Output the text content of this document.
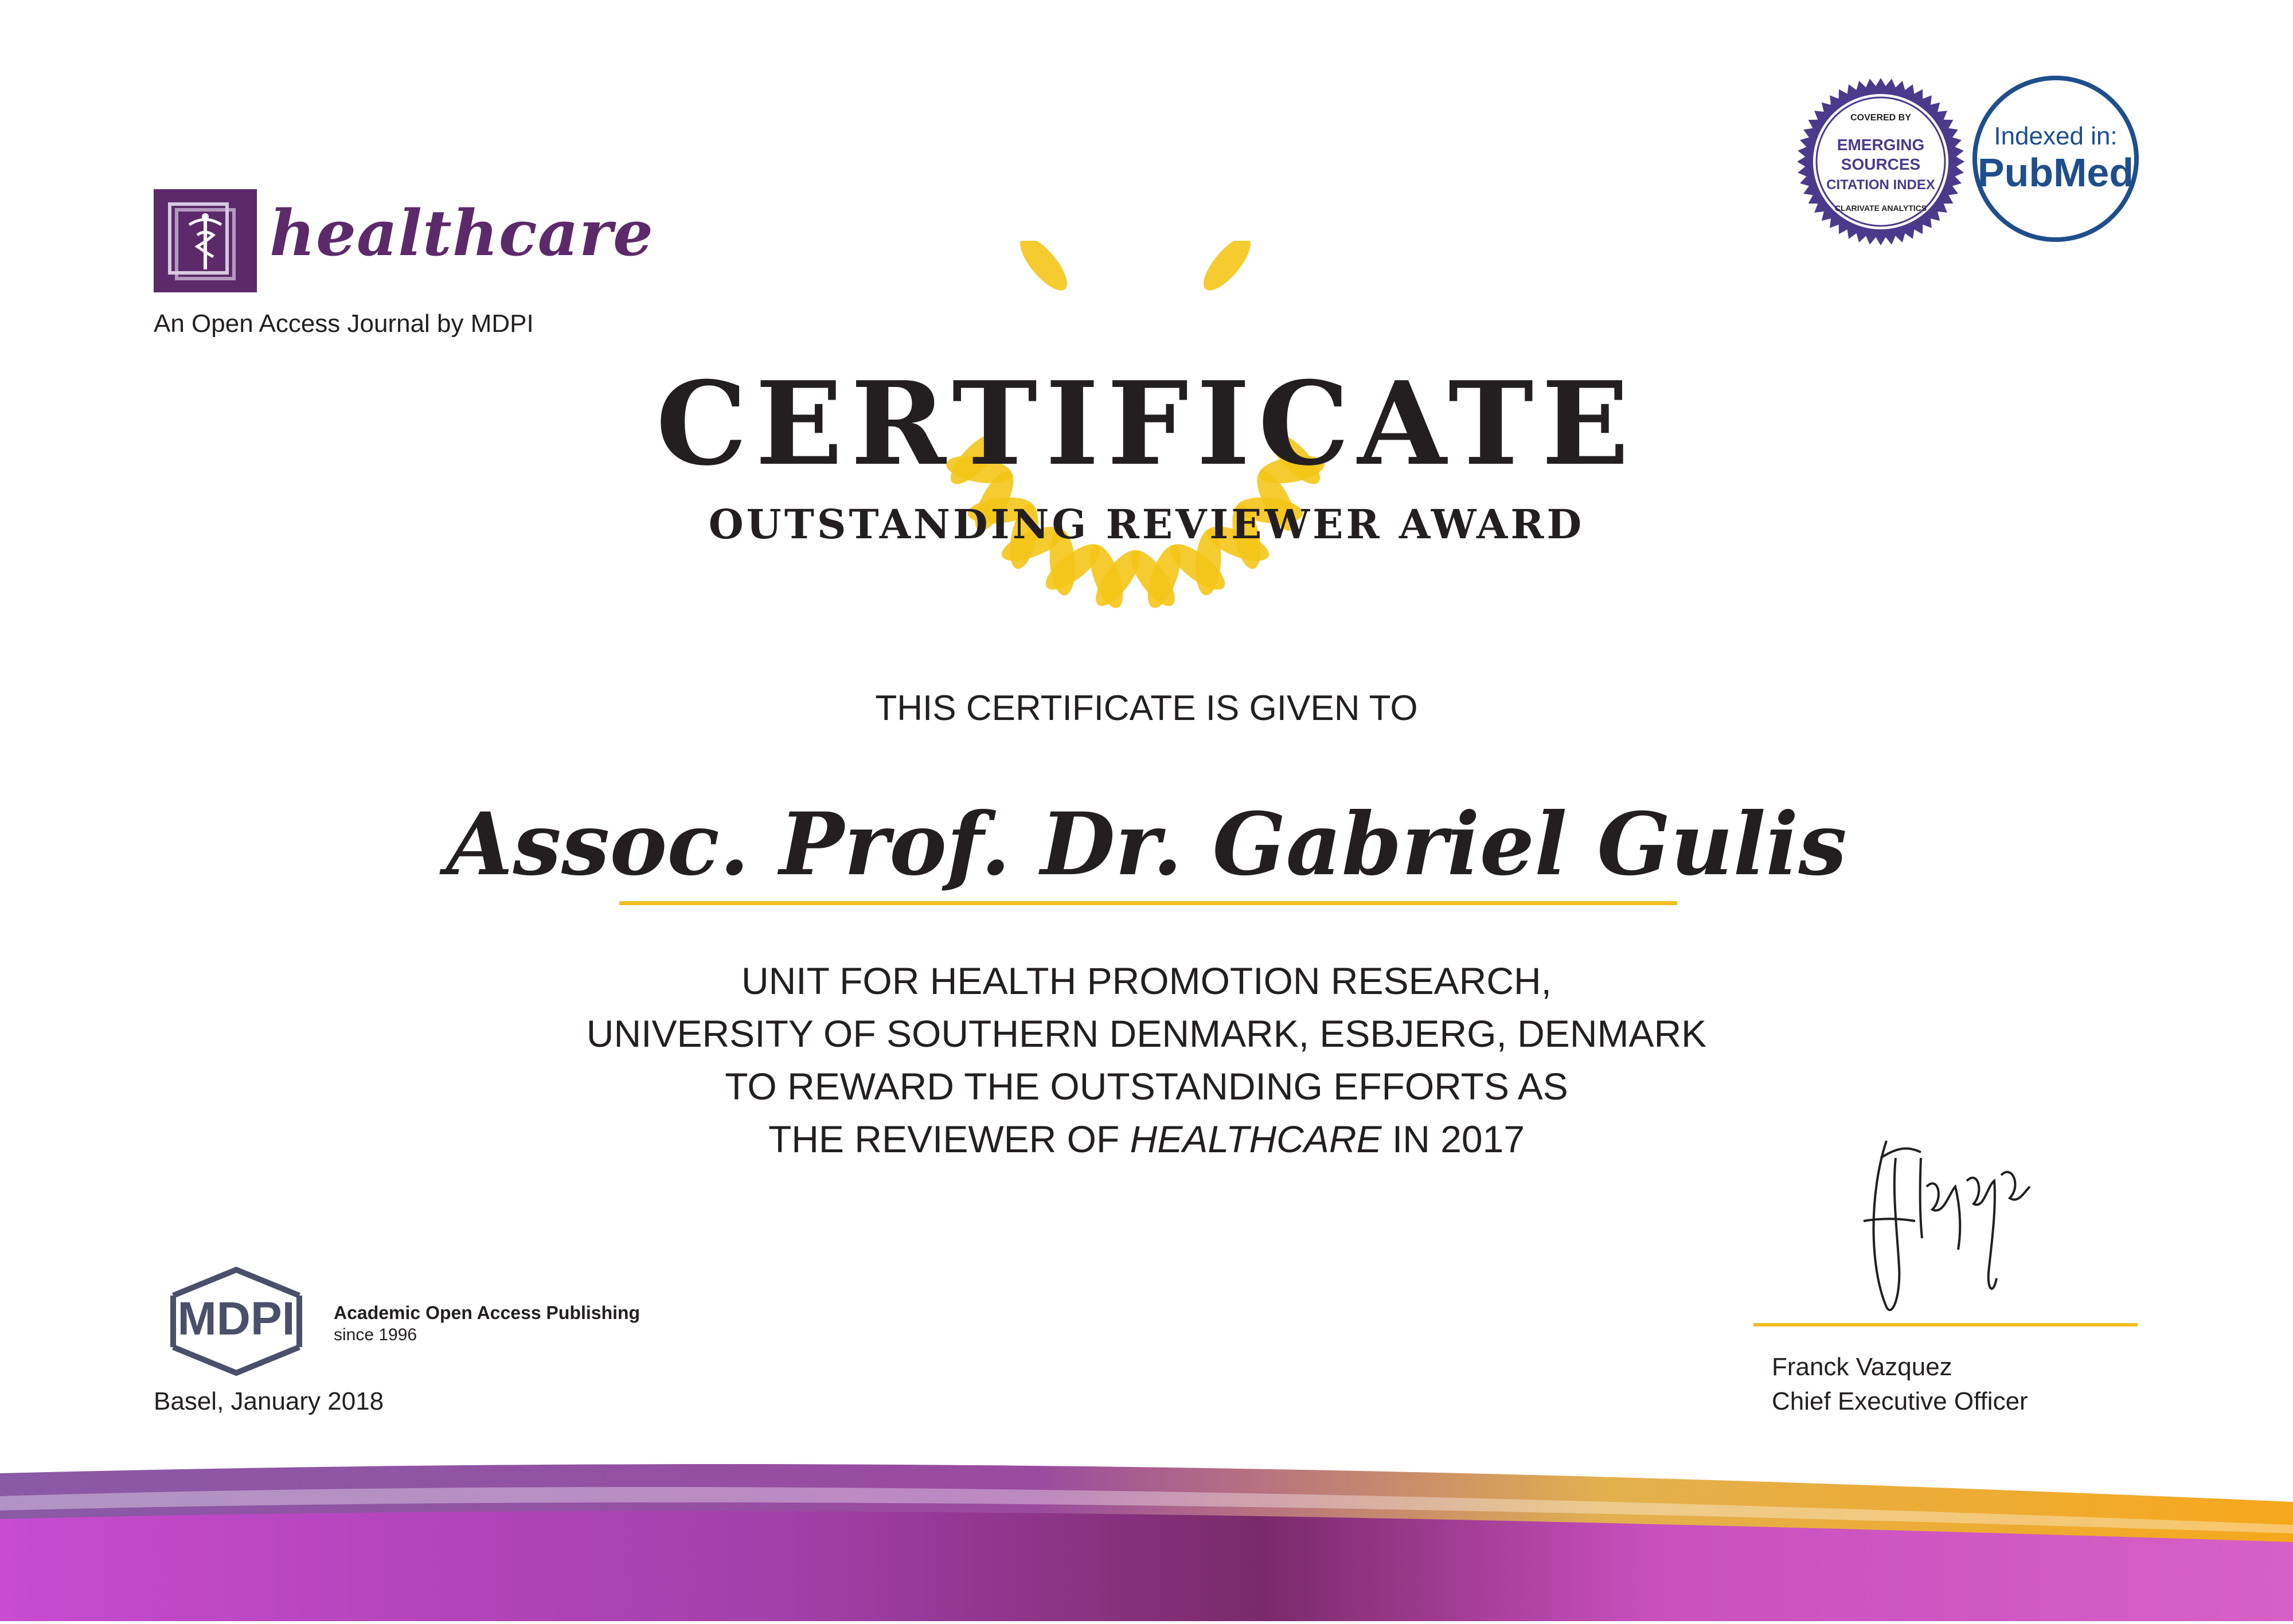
healthcare
An Open Access Journal by MDPI
COVERED BY
EMERGING
SOURCES
CITATION INDEX
CLARIVATE ANALYTICS
Indexed in:
PubMed
CERTIFICATE
OUTSTANDING REVIEWER AWARD
THIS CERTIFICATE IS GIVEN TO
Assoc. Prof. Dr. Gabriel Gulis
UNIT FOR HEALTH PROMOTION RESEARCH,
UNIVERSITY OF SOUTHERN DENMARK, ESBJERG, DENMARK
TO REWARD THE OUTSTANDING EFFORTS AS
THE REVIEWER OF HEALTHCARE IN 2017
MDPI Academic Open Access Publishing
since 1996
Basel, January 2018
Franck Vazquez
Chief Executive Officer
